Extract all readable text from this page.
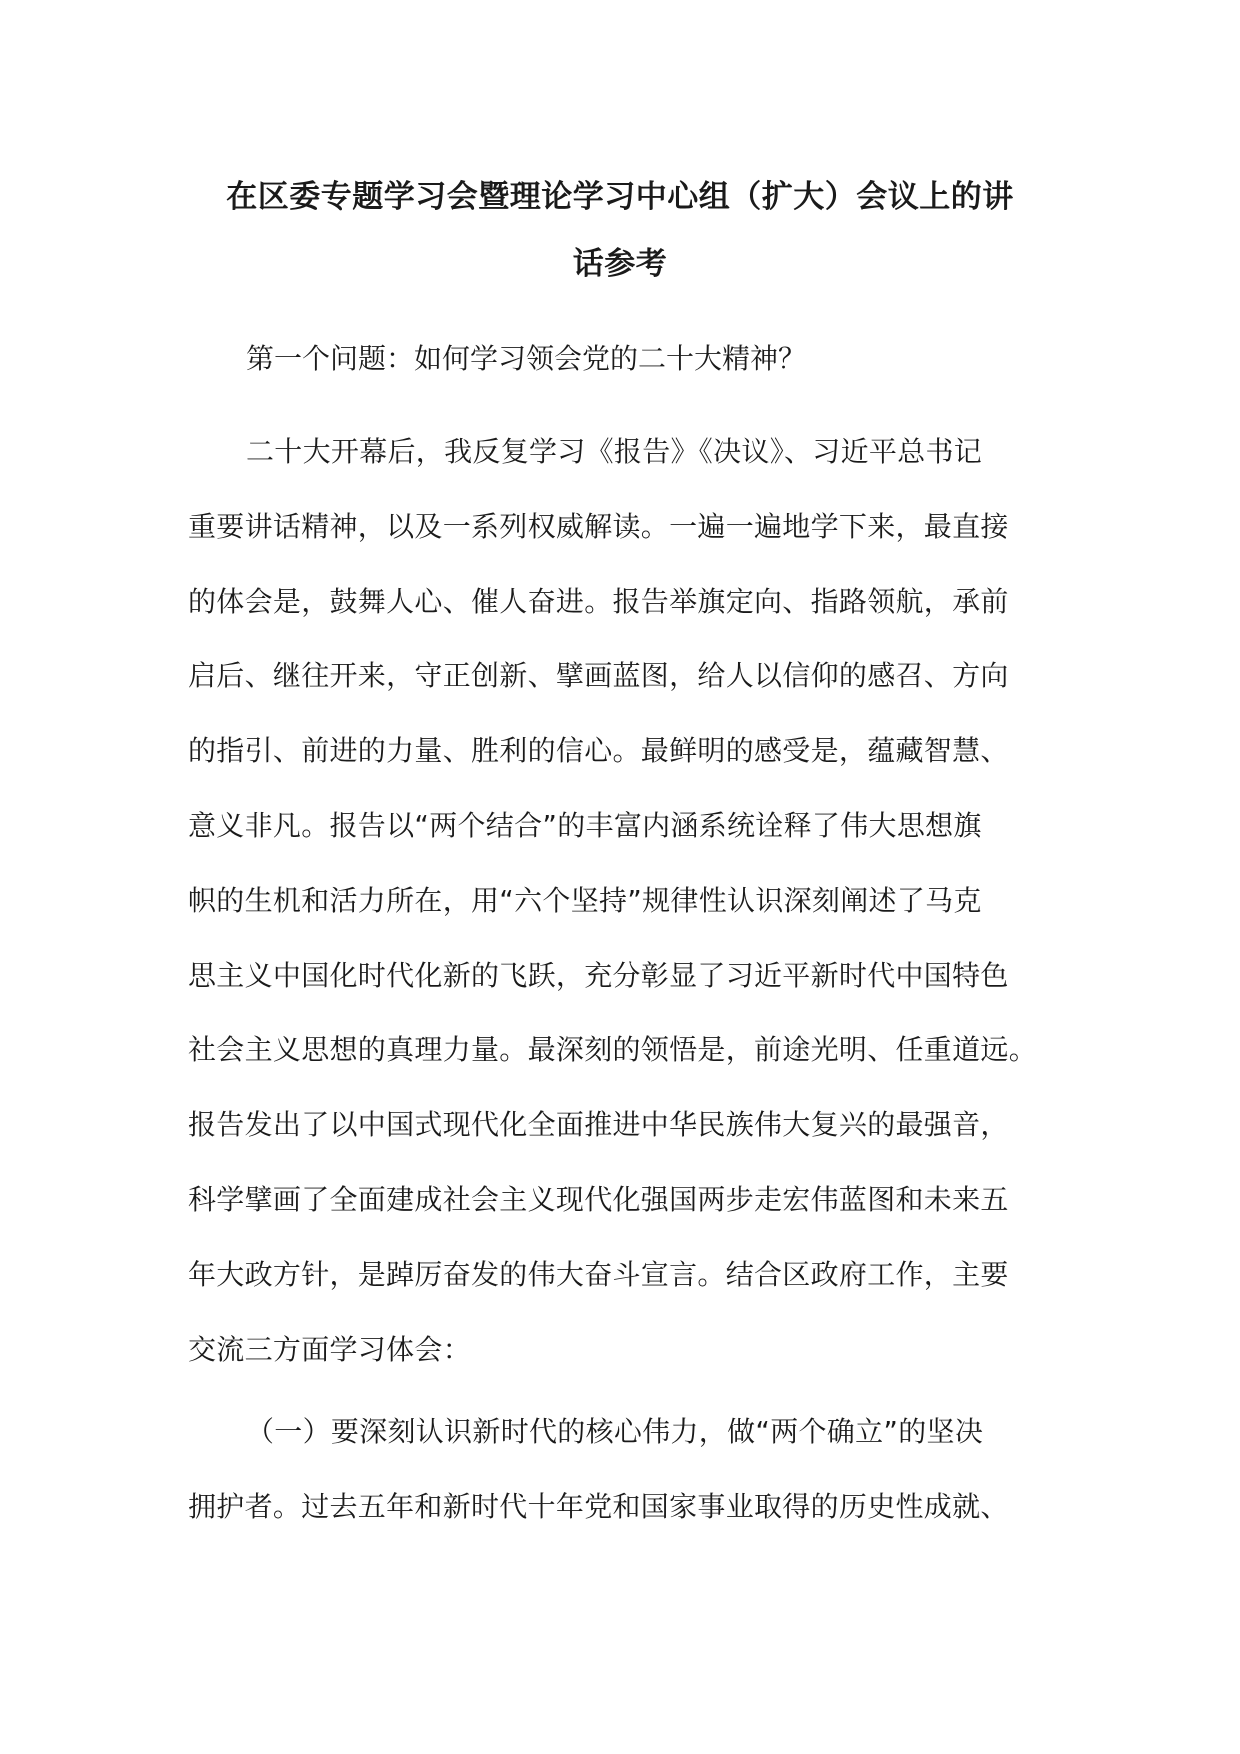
在区委专题学习会暨理论学习中心组（扩大）会议上的讲
话参考

第一个问题：如何学习领会党的二十大精神？

二十大开幕后，我反复学习《报告》《决议》、习近平总书记
重要讲话精神，以及一系列权威解读。一遍一遍地学下来，最直接
的体会是，鼓舞人心、催人奋进。报告举旗定向、指路领航，承前
启后、继往开来，守正创新、擘画蓝图，给人以信仰的感召、方向
的指引、前进的力量、胜利的信心。最鲜明的感受是，蕴藏智慧、
意义非凡。报告以“两个结合”的丰富内涵系统诠释了伟大思想旗
帜的生机和活力所在，用“六个坚持”规律性认识深刻阐述了马克
思主义中国化时代化新的飞跃，充分彰显了习近平新时代中国特色
社会主义思想的真理力量。最深刻的领悟是，前途光明、任重道远。
报告发出了以中国式现代化全面推进中华民族伟大复兴的最强音，
科学擘画了全面建成社会主义现代化强国两步走宏伟蓝图和未来五
年大政方针，是踔厉奋发的伟大奋斗宣言。结合区政府工作，主要
交流三方面学习体会：

（一）要深刻认识新时代的核心伟力，做“两个确立”的坚决
拥护者。过去五年和新时代十年党和国家事业取得的历史性成就、
